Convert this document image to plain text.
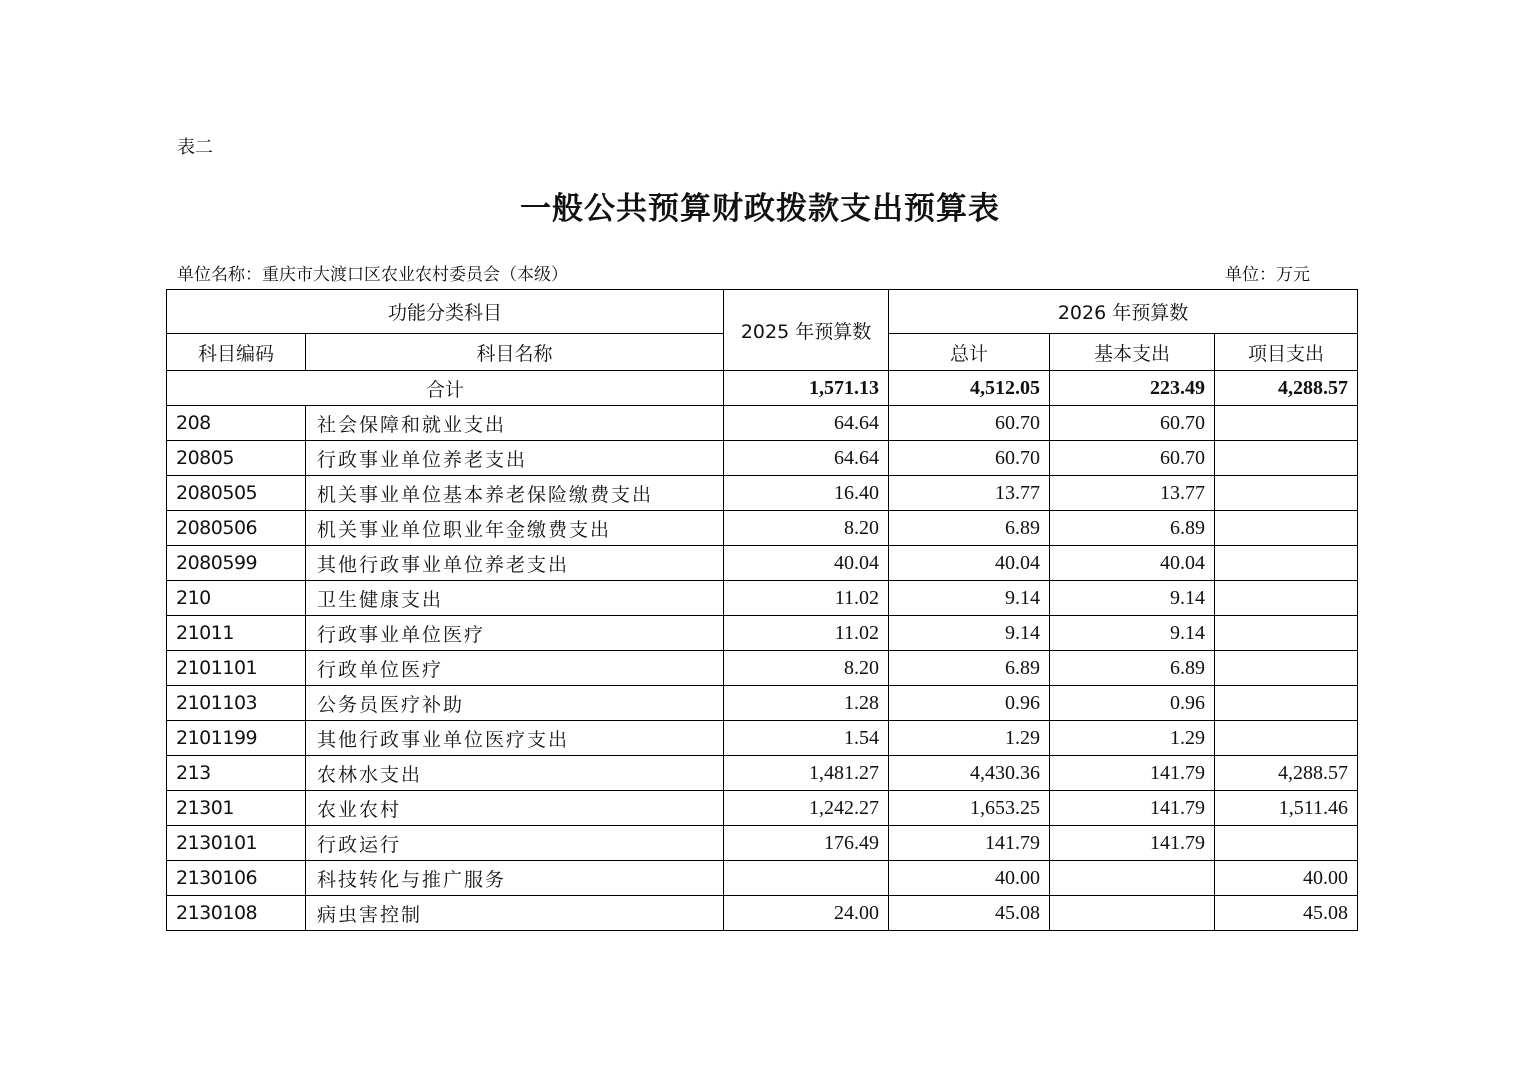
表二
一般公共预算财政拨款支出预算表
单位名称：重庆市大渡口区农业农村委员会（本级）	单位：万元
功能分类科目		2025 年预算数	2026 年预算数		
科目编码	科目名称		总计	基本支出	项目支出
合计		1,571.13	4,512.05	223.49	4,288.57
208	社会保障和就业支出	64.64	60.70	60.70	
20805	行政事业单位养老支出	64.64	60.70	60.70	
2080505	机关事业单位基本养老保险缴费支出	16.40	13.77	13.77	
2080506	机关事业单位职业年金缴费支出	8.20	6.89	6.89	
2080599	其他行政事业单位养老支出	40.04	40.04	40.04	
210	卫生健康支出	11.02	9.14	9.14	
21011	行政事业单位医疗	11.02	9.14	9.14	
2101101	行政单位医疗	8.20	6.89	6.89	
2101103	公务员医疗补助	1.28	0.96	0.96	
2101199	其他行政事业单位医疗支出	1.54	1.29	1.29	
213	农林水支出	1,481.27	4,430.36	141.79	4,288.57
21301	农业农村	1,242.27	1,653.25	141.79	1,511.46
2130101	行政运行	176.49	141.79	141.79	
2130106	科技转化与推广服务		40.00		40.00
2130108	病虫害控制	24.00	45.08		45.08
